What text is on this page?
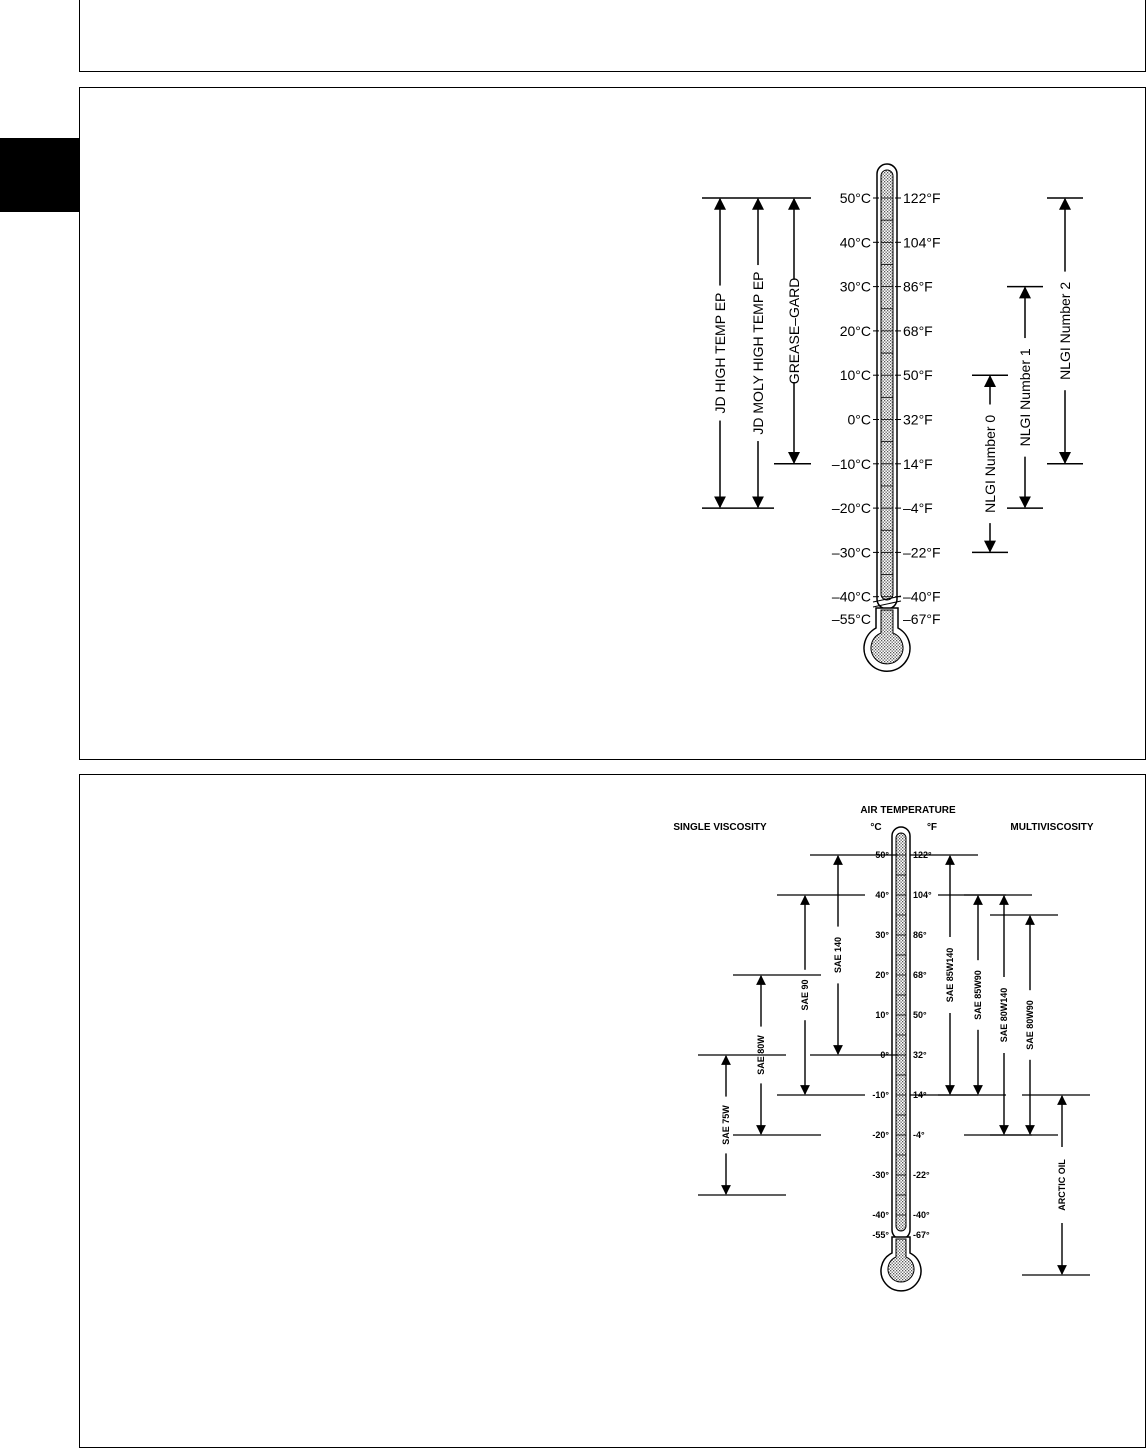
50°C
40°C
30°C
20°C
10°C
0°C
–10°C
–20°C
–30°C
–40°C
–55°C
122°F
104°F
86°F
68°F
50°F
32°F
14°F
–4°F
–22°F
–40°F
–67°F
JD HIGH TEMP EP JD MOLY HIGH TEMP EP GREASE–GARD
NLGI Number 0
NLGI Number 1
NLGI Number 2
AIR TEMPERATURE
°C	°F
SINGLE VISCOSITY	MULTIVISCOSITY
50°
40°
30°
20°
10°
0°
-10°
-20°
-30°
-40°
-55°
122°
104°
86°
68°
50°
32°
14°
-4°
-22°
-40°
-67°
SAE 75W
SAE 80W
SAE 90
SAE 140	SAE 85W140 SAE 85W90 SAE 80W140 SAE 80W90
ARCTIC OIL
